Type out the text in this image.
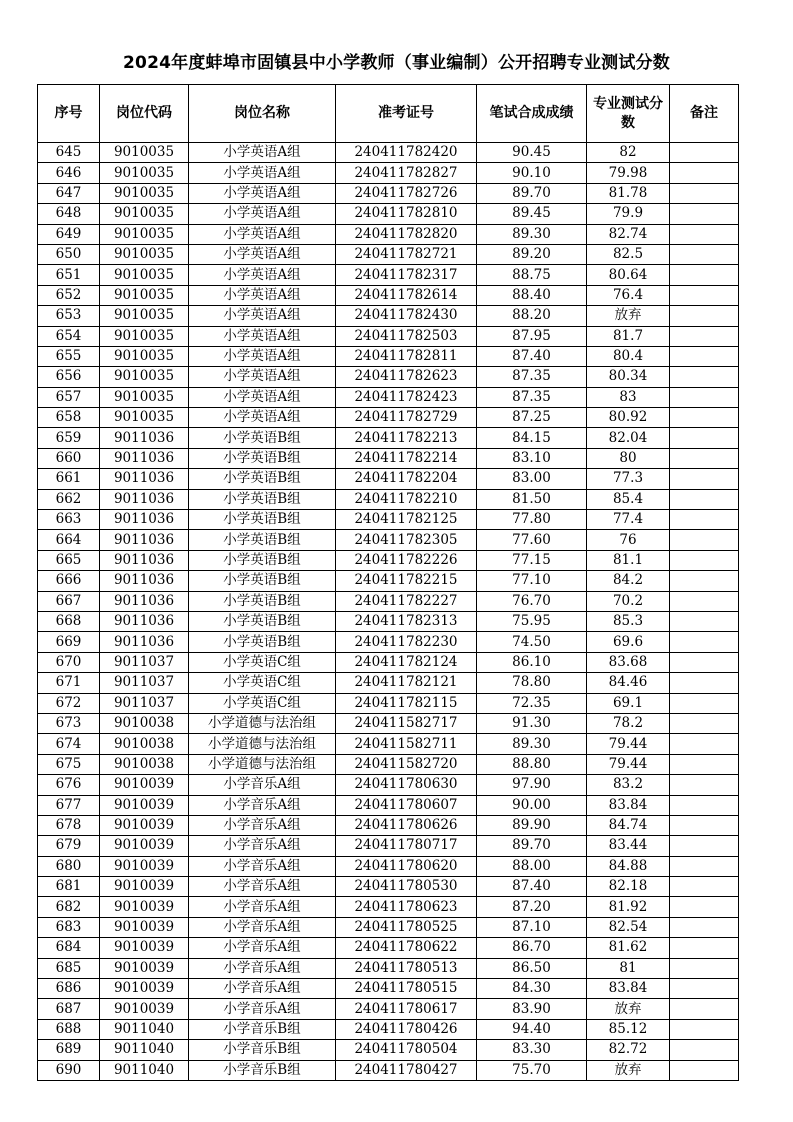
2024年度蚌埠市固镇县中小学教师（事业编制）公开招聘专业测试分数
序号	岗位代码	岗位名称	准考证号	笔试合成成绩	专业测试分数	备注
645	9010035	小学英语A组	240411782420	90.45	82	
646	9010035	小学英语A组	240411782827	90.10	79.98	
647	9010035	小学英语A组	240411782726	89.70	81.78	
648	9010035	小学英语A组	240411782810	89.45	79.9	
649	9010035	小学英语A组	240411782820	89.30	82.74	
650	9010035	小学英语A组	240411782721	89.20	82.5	
651	9010035	小学英语A组	240411782317	88.75	80.64	
652	9010035	小学英语A组	240411782614	88.40	76.4	
653	9010035	小学英语A组	240411782430	88.20	放弃	
654	9010035	小学英语A组	240411782503	87.95	81.7	
655	9010035	小学英语A组	240411782811	87.40	80.4	
656	9010035	小学英语A组	240411782623	87.35	80.34	
657	9010035	小学英语A组	240411782423	87.35	83	
658	9010035	小学英语A组	240411782729	87.25	80.92	
659	9011036	小学英语B组	240411782213	84.15	82.04	
660	9011036	小学英语B组	240411782214	83.10	80	
661	9011036	小学英语B组	240411782204	83.00	77.3	
662	9011036	小学英语B组	240411782210	81.50	85.4	
663	9011036	小学英语B组	240411782125	77.80	77.4	
664	9011036	小学英语B组	240411782305	77.60	76	
665	9011036	小学英语B组	240411782226	77.15	81.1	
666	9011036	小学英语B组	240411782215	77.10	84.2	
667	9011036	小学英语B组	240411782227	76.70	70.2	
668	9011036	小学英语B组	240411782313	75.95	85.3	
669	9011036	小学英语B组	240411782230	74.50	69.6	
670	9011037	小学英语C组	240411782124	86.10	83.68	
671	9011037	小学英语C组	240411782121	78.80	84.46	
672	9011037	小学英语C组	240411782115	72.35	69.1	
673	9010038	小学道德与法治组	240411582717	91.30	78.2	
674	9010038	小学道德与法治组	240411582711	89.30	79.44	
675	9010038	小学道德与法治组	240411582720	88.80	79.44	
676	9010039	小学音乐A组	240411780630	97.90	83.2	
677	9010039	小学音乐A组	240411780607	90.00	83.84	
678	9010039	小学音乐A组	240411780626	89.90	84.74	
679	9010039	小学音乐A组	240411780717	89.70	83.44	
680	9010039	小学音乐A组	240411780620	88.00	84.88	
681	9010039	小学音乐A组	240411780530	87.40	82.18	
682	9010039	小学音乐A组	240411780623	87.20	81.92	
683	9010039	小学音乐A组	240411780525	87.10	82.54	
684	9010039	小学音乐A组	240411780622	86.70	81.62	
685	9010039	小学音乐A组	240411780513	86.50	81	
686	9010039	小学音乐A组	240411780515	84.30	83.84	
687	9010039	小学音乐A组	240411780617	83.90	放弃	
688	9011040	小学音乐B组	240411780426	94.40	85.12	
689	9011040	小学音乐B组	240411780504	83.30	82.72	
690	9011040	小学音乐B组	240411780427	75.70	放弃	
